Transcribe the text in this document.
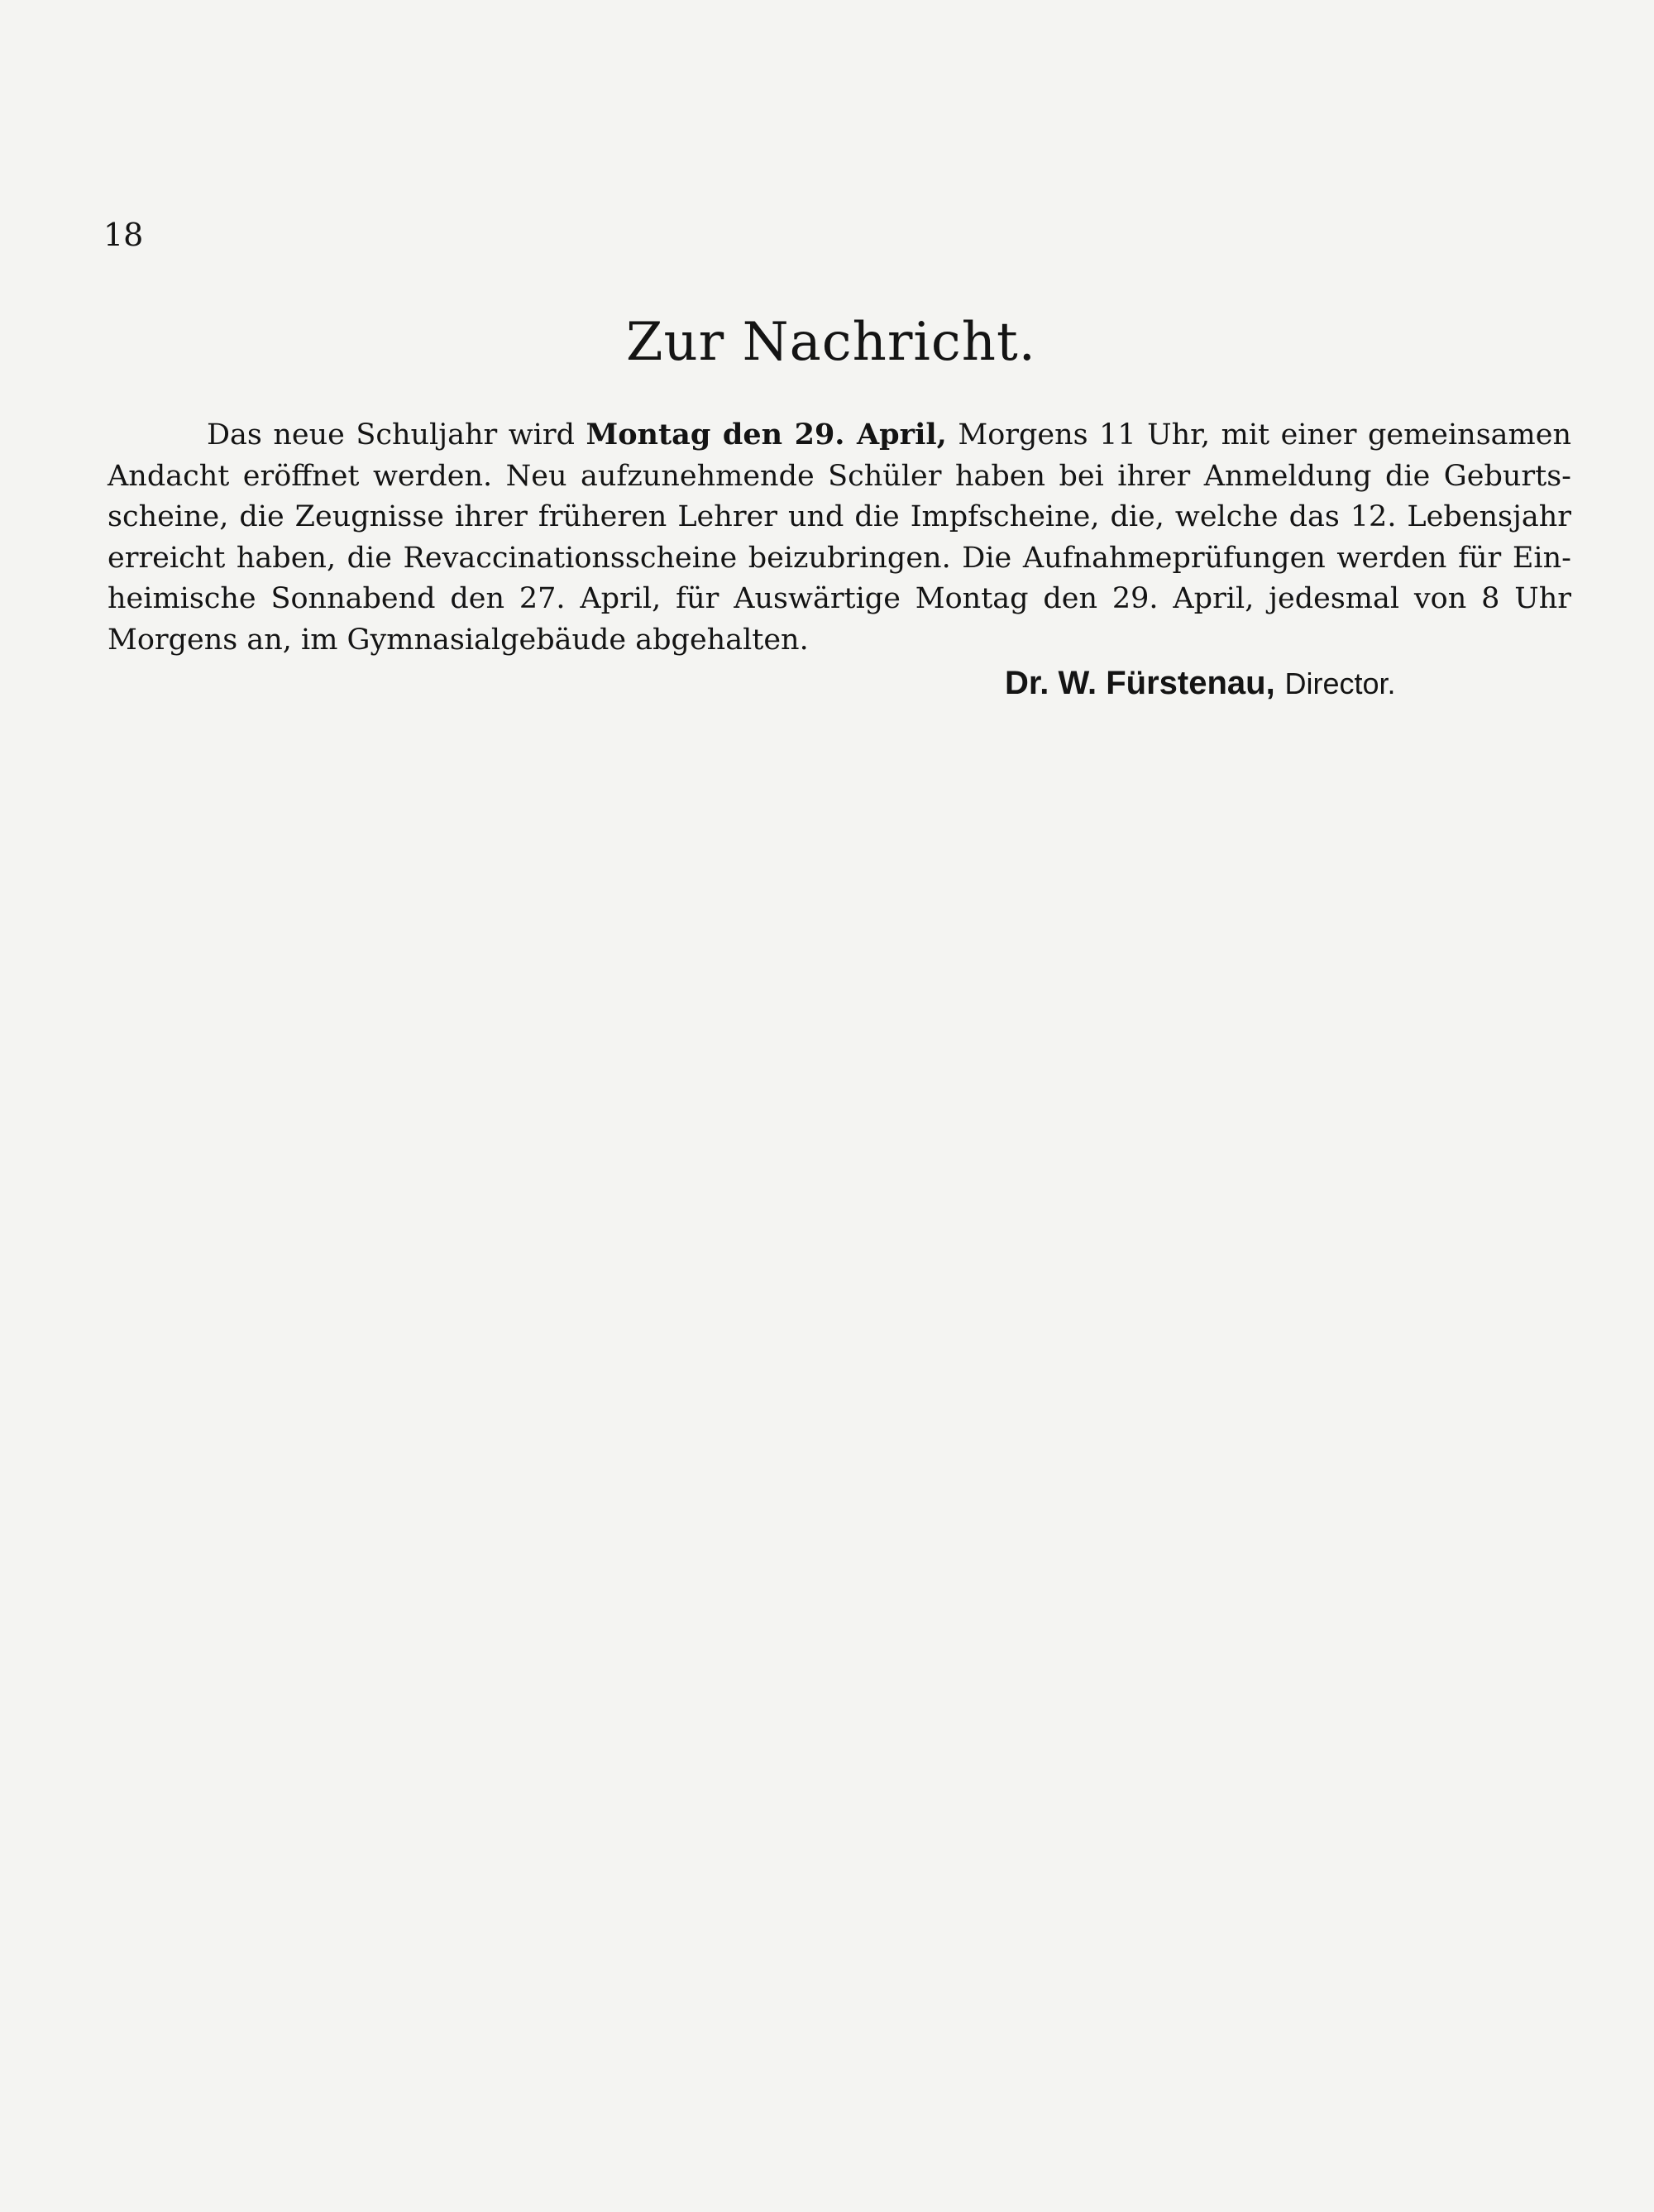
18
Zur Nachricht.

Das neue Schuljahr wird Montag den 29. April, Morgens 11 Uhr, mit einer gemeinsamen Andacht eröffnet werden. Neu aufzunehmende Schüler haben bei ihrer Anmeldung die Geburtsscheine, die Zeugnisse ihrer früheren Lehrer und die Impfscheine, die, welche das 12. Lebensjahr erreicht haben, die Revaccinationsscheine beizubringen. Die Aufnahmeprüfungen werden für Einheimische Sonnabend den 27. April, für Auswärtige Montag den 29. April, jedesmal von 8 Uhr Morgens an, im Gymnasialgebäude abgehalten.

Dr. W. Fürstenau, Director.
